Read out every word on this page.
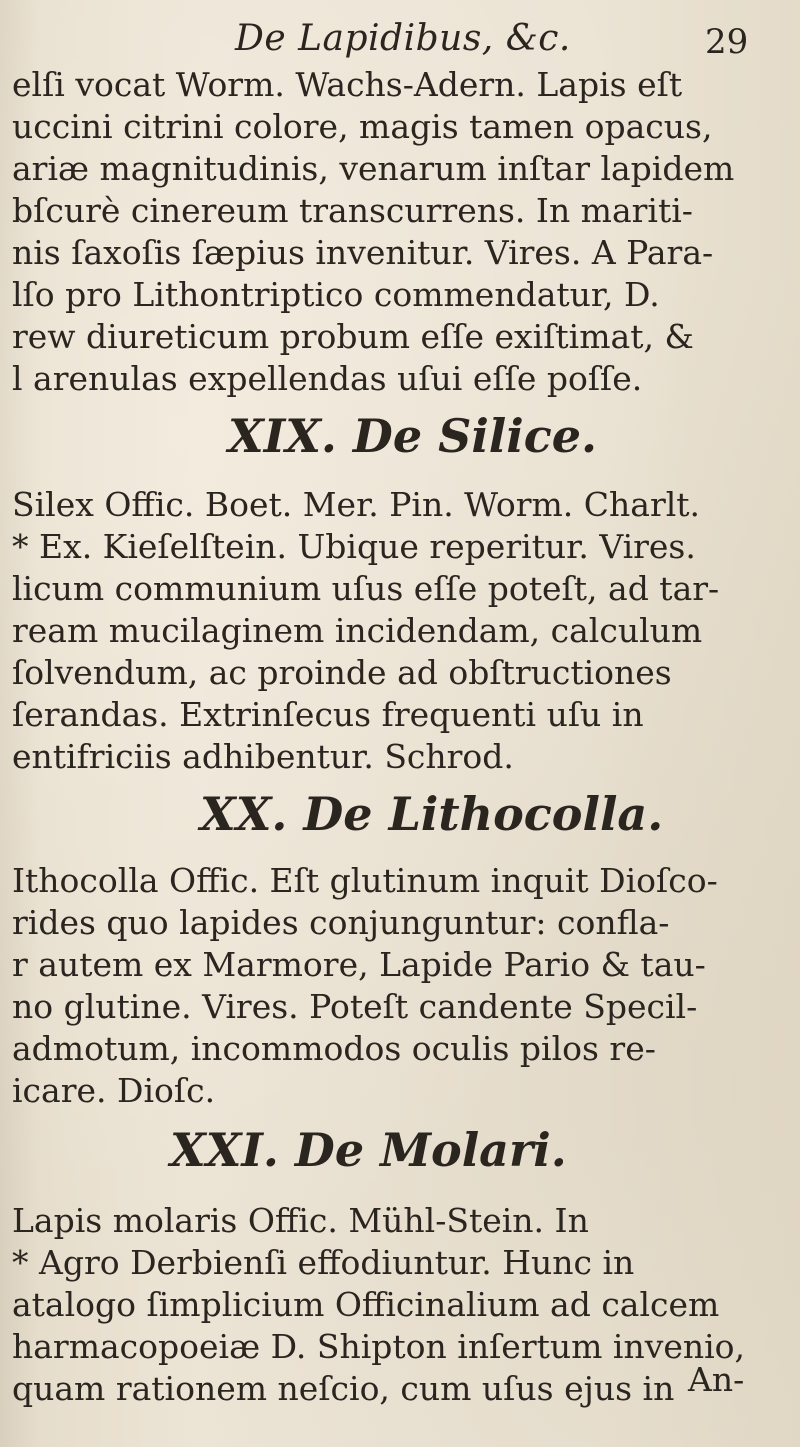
De Lapidibus, &c.	29
elſi vocat Worm. Wachs-Adern. Lapis eſt
uccini citrini colore, magis tamen opacus,
ariæ magnitudinis, venarum inſtar lapidem
bſcurè cinereum transcurrens. In mariti-
nis ſaxoſis ſæpius invenitur. Vires. A Para-
lſo pro Lithontriptico commendatur, D.
rew diureticum probum eſſe exiſtimat, &
l arenulas expellendas uſui eſſe poſſe.
XIX. De Silice.
Silex Offic. Boet. Mer. Pin. Worm. Charlt.
* Ex. Kieſelſtein. Ubique reperitur. Vires.
licum communium uſus eſſe poteſt, ad tar-
ream mucilaginem incidendam, calculum
ſolvendum, ac proinde ad obſtructiones
ſerandas. Extrinſecus frequenti uſu in
entifriciis adhibentur. Schrod.
XX. De Lithocolla.
Ithocolla Offic. Eſt glutinum inquit Dioſco-
rides quo lapides conjunguntur: confla-
r autem ex Marmore, Lapide Pario & tau-
no glutine. Vires. Poteſt candente Specil-
admotum, incommodos oculis pilos re-
icare. Dioſc.
XXI. De Molari.
Lapis molaris Offic. Mühl-Stein. In
* Agro Derbienſi effodiuntur. Hunc in
atalogo ſimplicium Officinalium ad calcem
harmacopoeiæ D. Shipton inſertum invenio,
quam rationem neſcio, cum uſus ejus in An-
